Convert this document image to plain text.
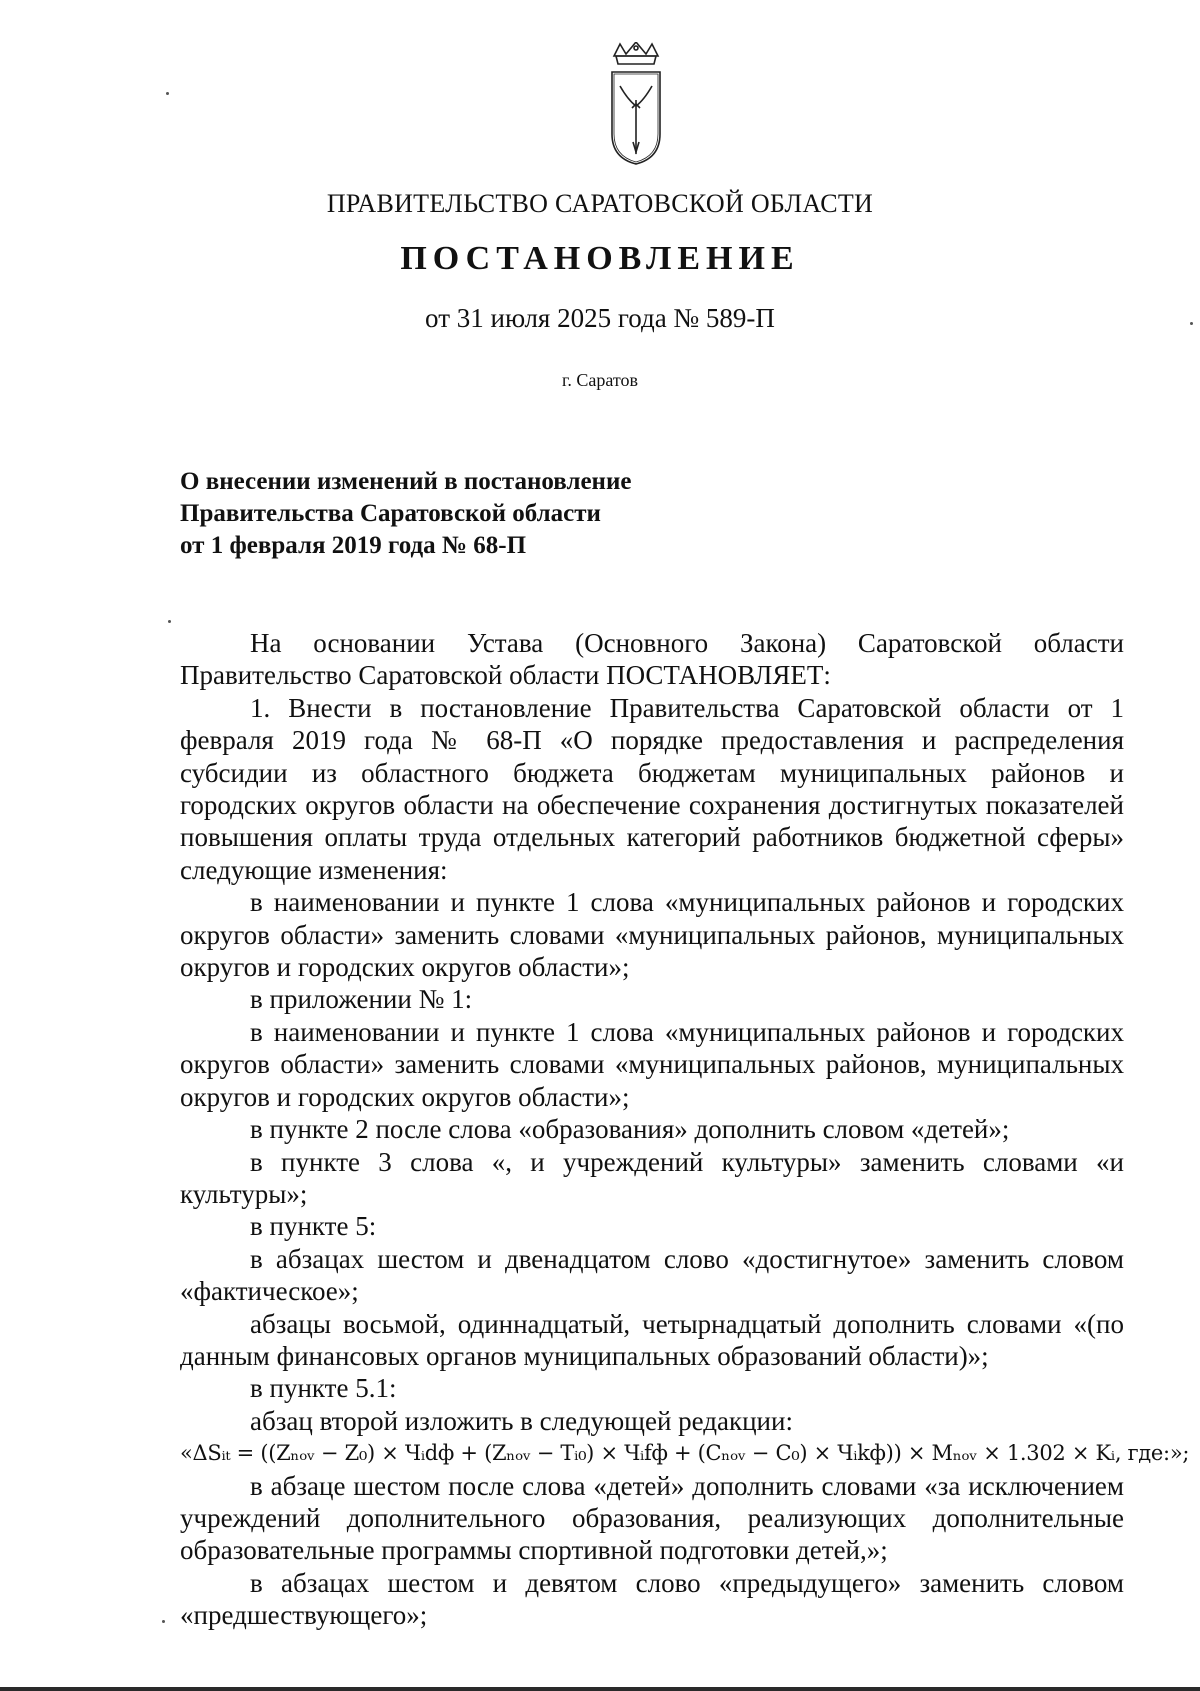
ПРАВИТЕЛЬСТВО САРАТОВСКОЙ ОБЛАСТИ
ПОСТАНОВЛЕНИЕ
от 31 июля 2025 года № 589-П
г. Саратов
О внесении изменений в постановление
Правительства Саратовской области
от 1 февраля 2019 года № 68-П

На основании Устава (Основного Закона) Саратовской области Правительство Саратовской области ПОСТАНОВЛЯЕТ:

1. Внести в постановление Правительства Саратовской области от 1 февраля 2019 года № 68-П «О порядке предоставления и распределения субсидии из областного бюджета бюджетам муниципальных районов и городских округов области на обеспечение сохранения достигнутых показателей повышения оплаты труда отдельных категорий работников бюджетной сферы» следующие изменения:

в наименовании и пункте 1 слова «муниципальных районов и городских округов области» заменить словами «муниципальных районов, муниципальных округов и городских округов области»;

в приложении № 1:

в наименовании и пункте 1 слова «муниципальных районов и городских округов области» заменить словами «муниципальных районов, муниципальных округов и городских округов области»;

в пункте 2 после слова «образования» дополнить словом «детей»;

в пункте 3 слова «, и учреждений культуры» заменить словами «и культуры»;

в пункте 5:

в абзацах шестом и двенадцатом слово «достигнутое» заменить словом «фактическое»;

абзацы восьмой, одиннадцатый, четырнадцатый дополнить словами «(по данным финансовых органов муниципальных образований области)»;

в пункте 5.1:

абзац второй изложить в следующей редакции:

«ΔSᵢₜ = ((Zₙₒᵥ − Z₀) × Чᵢdф + (Zₙₒᵥ − Tᵢ₀) × Чᵢfф + (Cₙₒᵥ − C₀) × Чᵢkф)) × Mₙₒᵥ × 1.302 × Kᵢ, где:»;

в абзаце шестом после слова «детей» дополнить словами «за исключением учреждений дополнительного образования, реализующих дополнительные образовательные программы спортивной подготовки детей,»;

в абзацах шестом и девятом слово «предыдущего» заменить словом «предшествующего»;
